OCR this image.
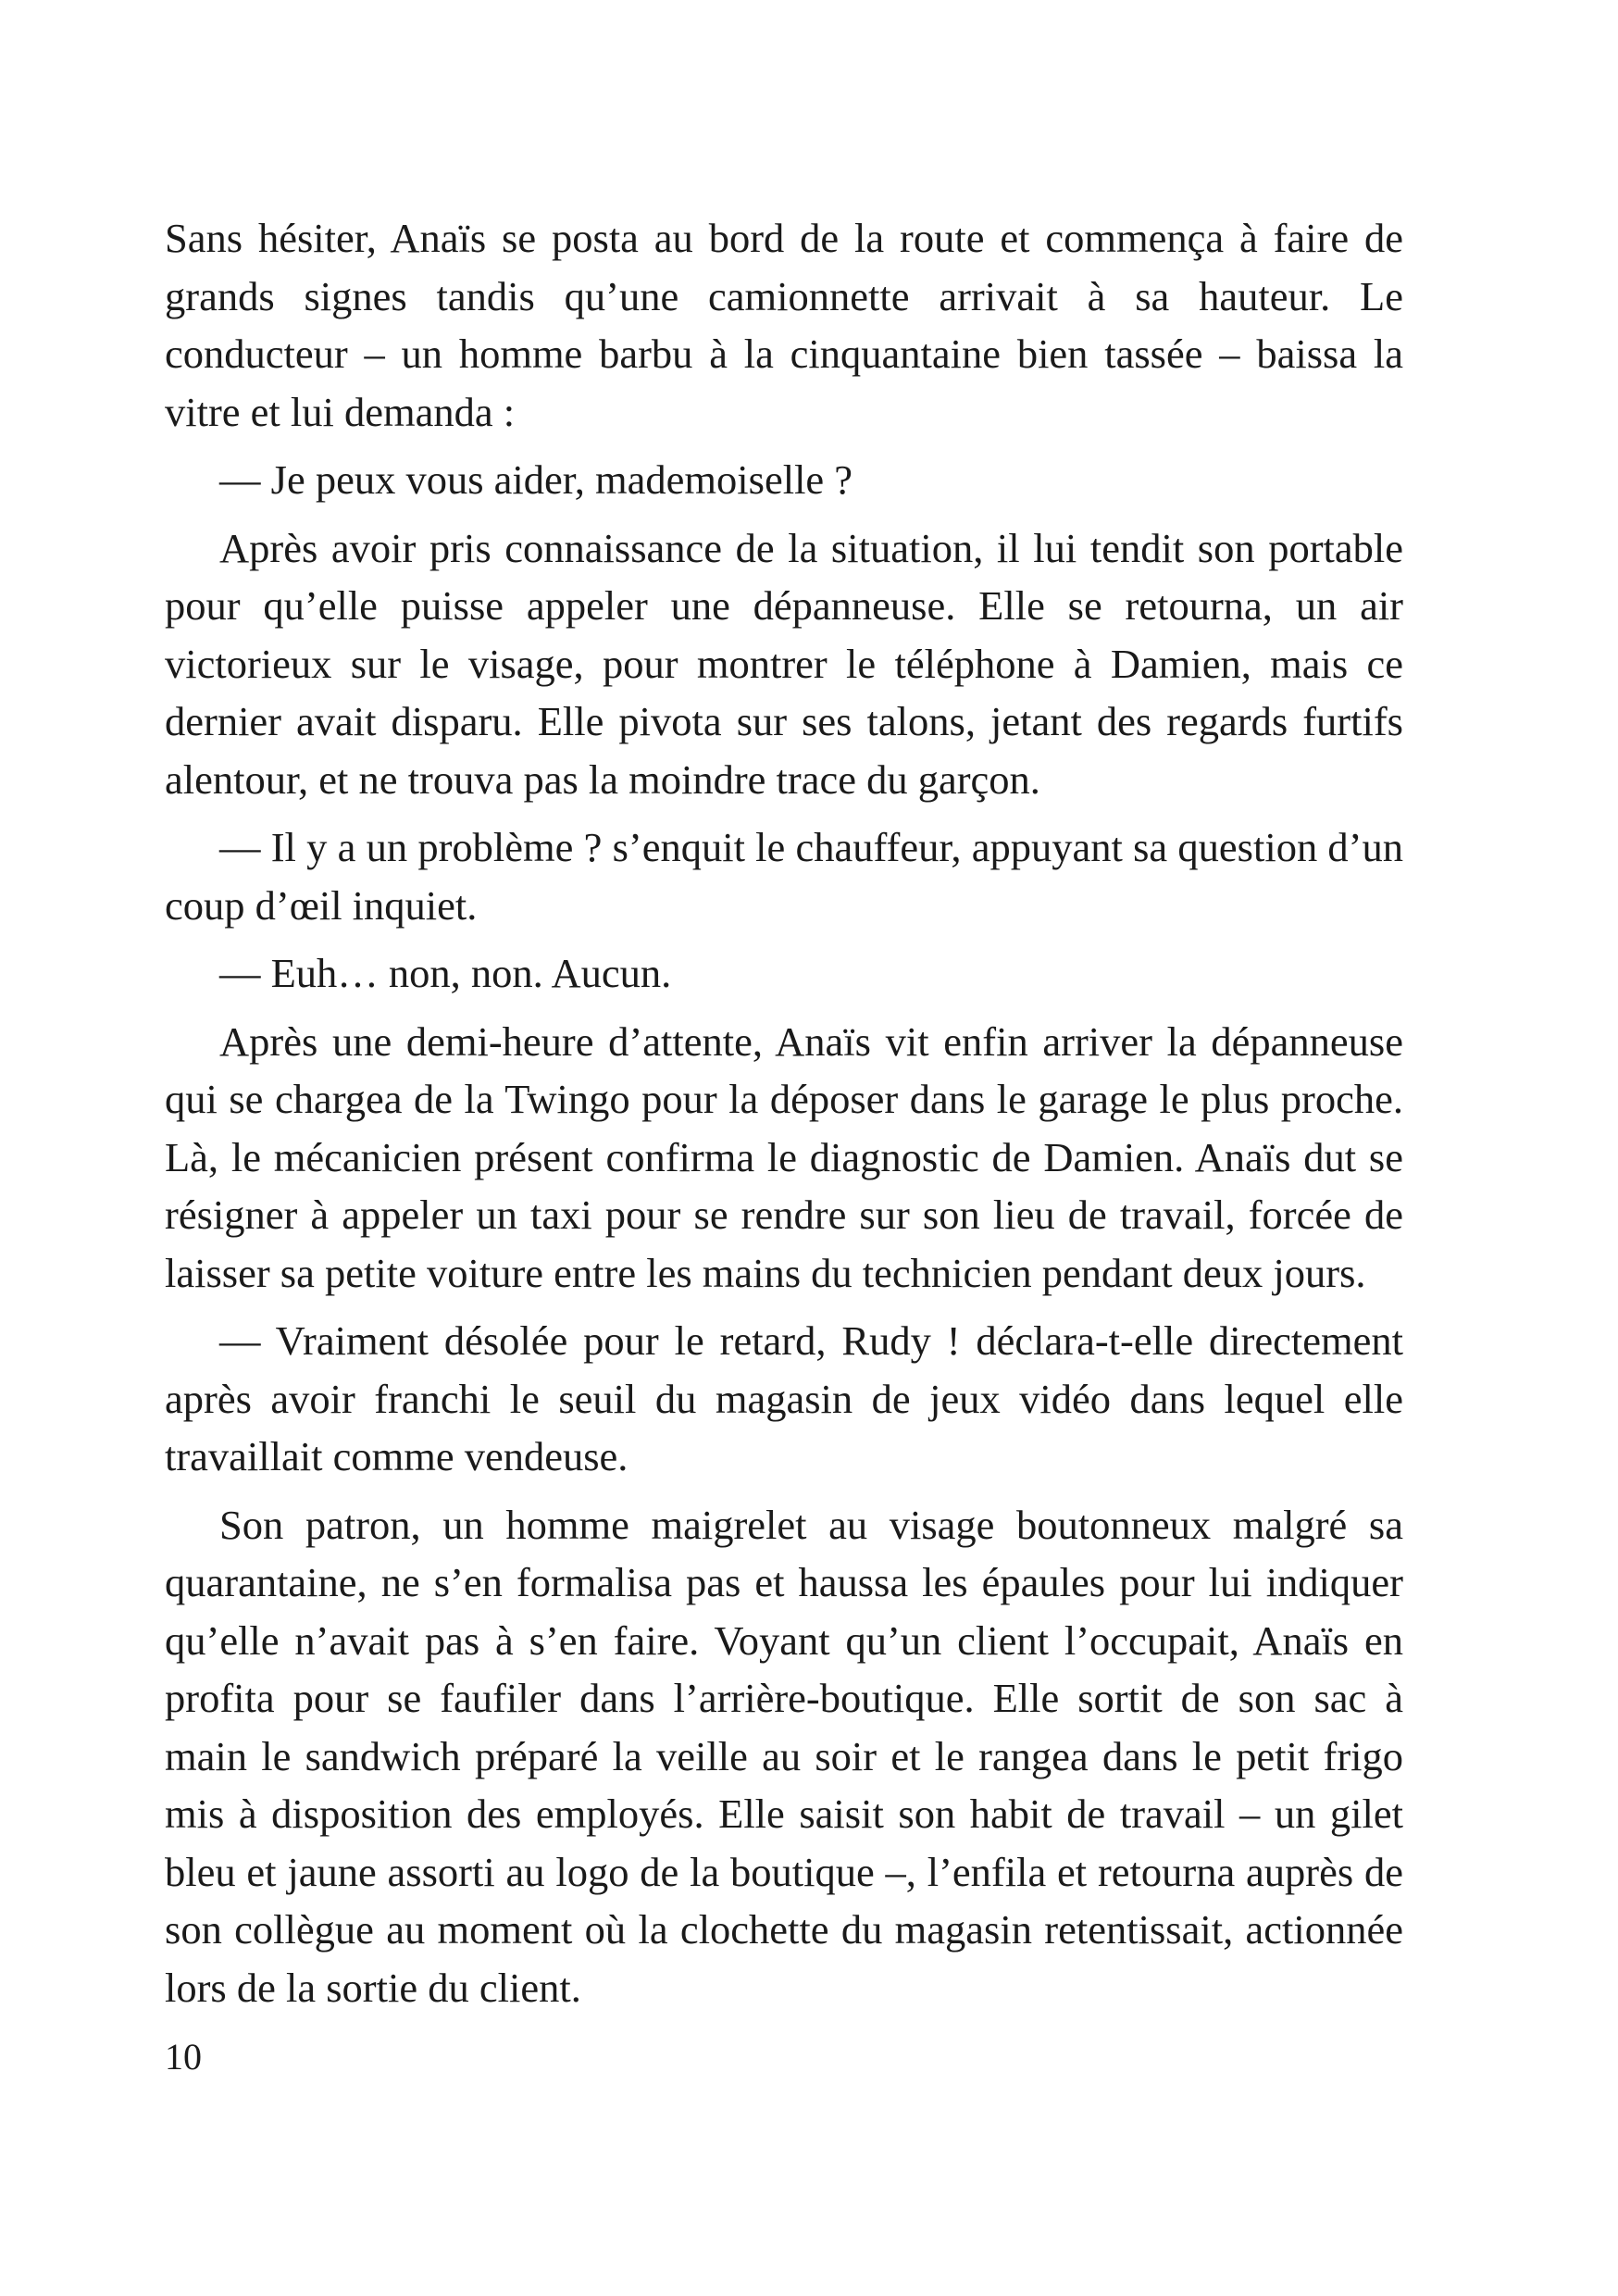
Sans hésiter, Anaïs se posta au bord de la route et commença à faire de grands signes tandis qu’une camionnette arrivait à sa hauteur. Le conducteur – un homme barbu à la cinquantaine bien tassée – baissa la vitre et lui demanda :

— Je peux vous aider, mademoiselle ?

Après avoir pris connaissance de la situation, il lui tendit son portable pour qu’elle puisse appeler une dépanneuse. Elle se retourna, un air victorieux sur le visage, pour montrer le téléphone à Damien, mais ce dernier avait disparu. Elle pivota sur ses talons, jetant des regards furtifs alentour, et ne trouva pas la moindre trace du garçon.

— Il y a un problème ? s’enquit le chauffeur, appuyant sa question d’un coup d’œil inquiet.

— Euh… non, non. Aucun.

Après une demi-heure d’attente, Anaïs vit enfin arriver la dépanneuse qui se chargea de la Twingo pour la déposer dans le garage le plus proche. Là, le mécanicien présent confirma le diagnostic de Damien. Anaïs dut se résigner à appeler un taxi pour se rendre sur son lieu de travail, forcée de laisser sa petite voiture entre les mains du technicien pendant deux jours.

— Vraiment désolée pour le retard, Rudy ! déclara-t-elle directement après avoir franchi le seuil du magasin de jeux vidéo dans lequel elle travaillait comme vendeuse.

Son patron, un homme maigrelet au visage boutonneux malgré sa quarantaine, ne s’en formalisa pas et haussa les épaules pour lui indiquer qu’elle n’avait pas à s’en faire. Voyant qu’un client l’occupait, Anaïs en profita pour se faufiler dans l’arrière-boutique. Elle sortit de son sac à main le sandwich préparé la veille au soir et le rangea dans le petit frigo mis à disposition des employés. Elle saisit son habit de travail – un gilet bleu et jaune assorti au logo de la boutique –, l’enfila et retourna auprès de son collègue au moment où la clochette du magasin retentissait, actionnée lors de la sortie du client.

10
